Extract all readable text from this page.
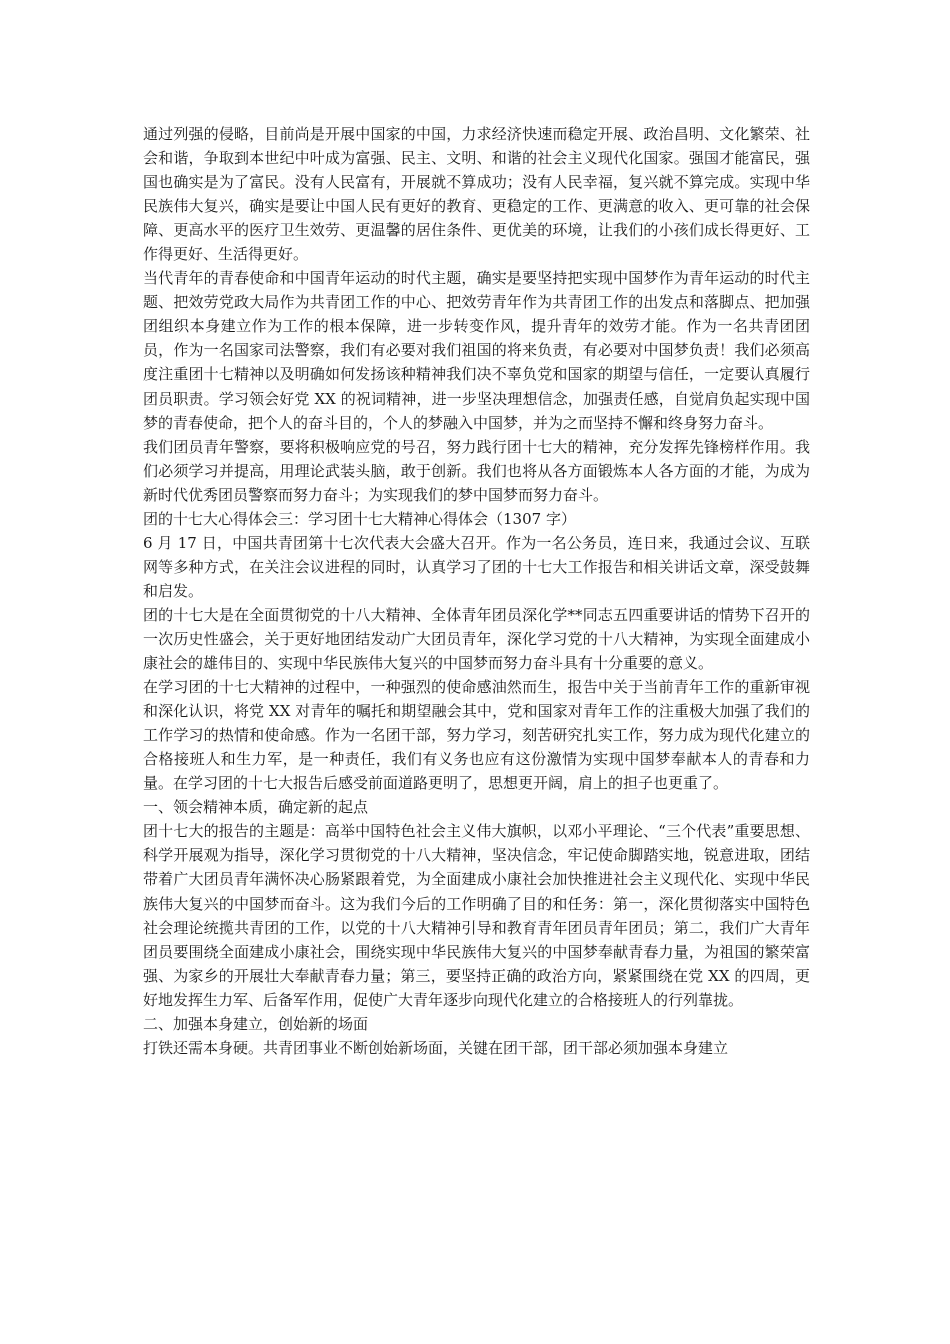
通过列强的侵略，目前尚是开展中国家的中国，力求经济快速而稳定开展、政治昌明、文化繁荣、社会和谐，争取到本世纪中叶成为富强、民主、文明、和谐的社会主义现代化国家。强国才能富民，强国也确实是为了富民。没有人民富有，开展就不算成功；没有人民幸福，复兴就不算完成。实现中华民族伟大复兴，确实是要让中国人民有更好的教育、更稳定的工作、更满意的收入、更可靠的社会保障、更高水平的医疗卫生效劳、更温馨的居住条件、更优美的环境，让我们的小孩们成长得更好、工作得更好、生活得更好。

当代青年的青春使命和中国青年运动的时代主题，确实是要坚持把实现中国梦作为青年运动的时代主题、把效劳党政大局作为共青团工作的中心、把效劳青年作为共青团工作的出发点和落脚点、把加强团组织本身建立作为工作的根本保障，进一步转变作风，提升青年的效劳才能。作为一名共青团团员，作为一名国家司法警察，我们有必要对我们祖国的将来负责，有必要对中国梦负责！我们必须高度注重团十七精神以及明确如何发扬该种精神我们决不辜负党和国家的期望与信任，一定要认真履行团员职责。学习领会好党 XX 的祝词精神，进一步坚决理想信念，加强责任感，自觉肩负起实现中国梦的青春使命，把个人的奋斗目的，个人的梦融入中国梦，并为之而坚持不懈和终身努力奋斗。

我们团员青年警察，要将积极响应党的号召，努力践行团十七大的精神，充分发挥先锋榜样作用。我们必须学习并提高，用理论武装头脑，敢于创新。我们也将从各方面锻炼本人各方面的才能，为成为新时代优秀团员警察而努力奋斗；为实现我们的梦中国梦而努力奋斗。

团的十七大心得体会三：学习团十七大精神心得体会（1307 字）

6 月 17 日，中国共青团第十七次代表大会盛大召开。作为一名公务员，连日来，我通过会议、互联网等多种方式，在关注会议进程的同时，认真学习了团的十七大工作报告和相关讲话文章，深受鼓舞和启发。

团的十七大是在全面贯彻党的十八大精神、全体青年团员深化学**同志五四重要讲话的情势下召开的一次历史性盛会，关于更好地团结发动广大团员青年，深化学习党的十八大精神，为实现全面建成小康社会的雄伟目的、实现中华民族伟大复兴的中国梦而努力奋斗具有十分重要的意义。

在学习团的十七大精神的过程中，一种强烈的使命感油然而生，报告中关于当前青年工作的重新审视和深化认识，将党 XX 对青年的嘱托和期望融会其中，党和国家对青年工作的注重极大加强了我们的工作学习的热情和使命感。作为一名团干部，努力学习，刻苦研究扎实工作，努力成为现代化建立的合格接班人和生力军，是一种责任，我们有义务也应有这份激情为实现中国梦奉献本人的青春和力量。在学习团的十七大报告后感受前面道路更明了，思想更开阔，肩上的担子也更重了。

一、领会精神本质，确定新的起点

团十七大的报告的主题是：高举中国特色社会主义伟大旗帜，以邓小平理论、“三个代表”重要思想、科学开展观为指导，深化学习贯彻党的十八大精神，坚决信念，牢记使命脚踏实地，锐意进取，团结带着广大团员青年满怀决心肠紧跟着党，为全面建成小康社会加快推进社会主义现代化、实现中华民族伟大复兴的中国梦而奋斗。这为我们今后的工作明确了目的和任务：第一，深化贯彻落实中国特色社会理论统揽共青团的工作，以党的十八大精神引导和教育青年团员青年团员；第二，我们广大青年团员要围绕全面建成小康社会，围绕实现中华民族伟大复兴的中国梦奉献青春力量，为祖国的繁荣富强、为家乡的开展壮大奉献青春力量；第三，要坚持正确的政治方向，紧紧围绕在党 XX 的四周，更好地发挥生力军、后备军作用，促使广大青年逐步向现代化建立的合格接班人的行列靠拢。

二、加强本身建立，创始新的场面

打铁还需本身硬。共青团事业不断创始新场面，关键在团干部，团干部必须加强本身建立
